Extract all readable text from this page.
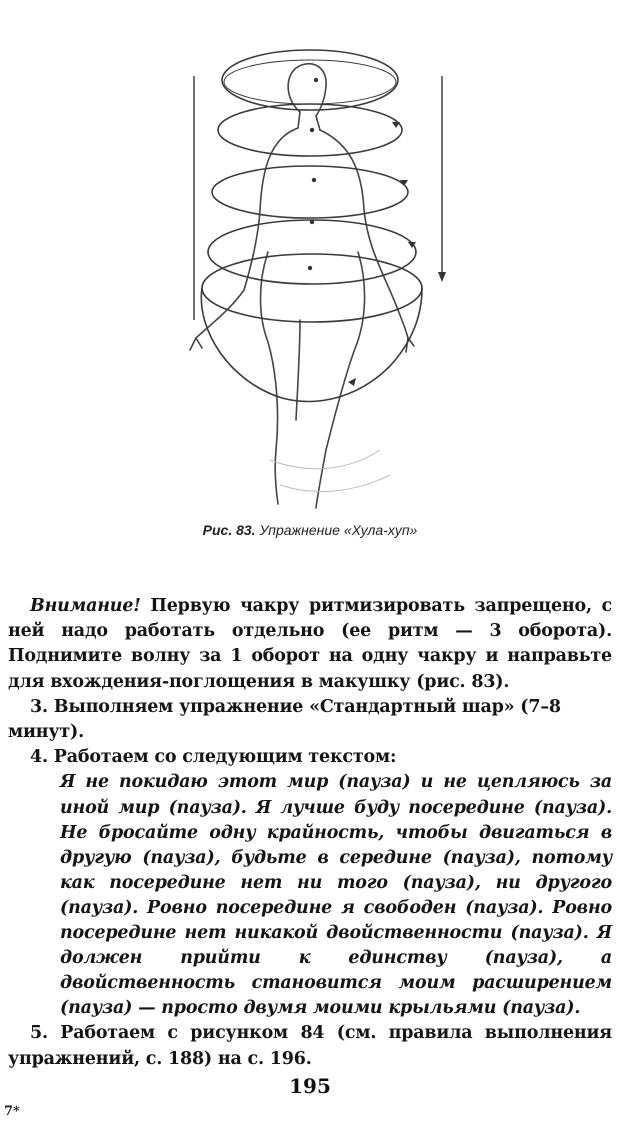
Рис. 83. Упражнение «Хула-хуп»

Внимание! Первую чакру ритмизировать запрещено, с ней надо работать отдельно (ее ритм — 3 оборота). Поднимите волну за 1 оборот на одну чакру и направьте для вхождения-поглощения в макушку (рис. 83).

3. Выполняем упражнение «Стандартный шар» (7–8 минут).

4. Работаем со следующим текстом:

Я не покидаю этот мир (пауза) и не цепляюсь за иной мир (пауза). Я лучше буду посередине (пауза). Не бросайте одну крайность, чтобы двигаться в другую (пауза), будьте в середине (пауза), потому как посередине нет ни того (пауза), ни другого (пауза). Ровно посередине я свободен (пауза). Ровно посередине нет никакой двойственности (пауза). Я должен прийти к единству (пауза), а двойственность становится моим расширением (пауза) — просто двумя моими крыльями (пауза).

5. Работаем с рисунком 84 (см. правила выполнения упражнений, с. 188) на с. 196.

195
7*
